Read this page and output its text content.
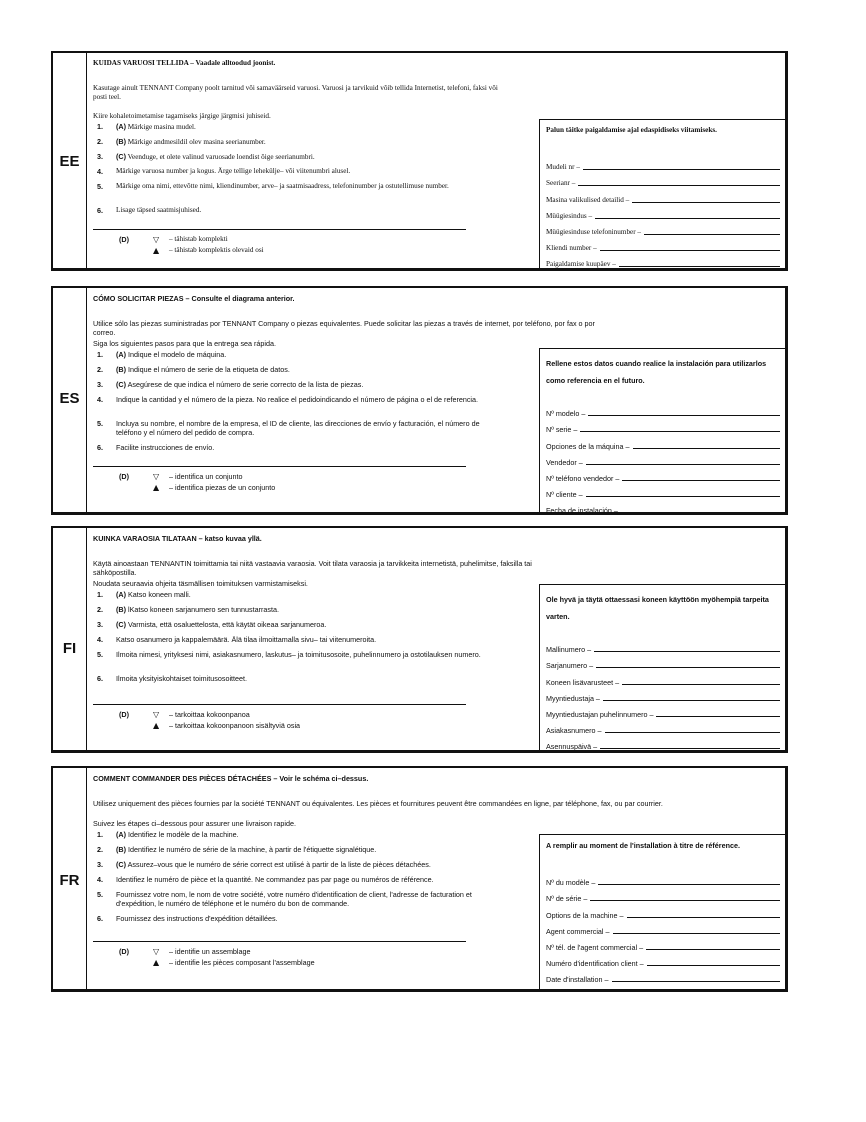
EE
KUIDAS VARUOSI TELLIDA – Vaadale alltoodud joonist.
Kasutage ainult TENNANT Company poolt tarnitud või samaväärseid varuosi. Varuosi ja tarvikuid võib tellida Internetist, telefoni, faksi või posti teel.
Kiire kohaletoimetamise tagamiseks järgige järgmisi juhiseid.
1. (A) Märkige masina mudel.
2. (B) Märkige andmesildil olev masina seerianumber.
3. (C) Veenduge, et olete valinud varuosade loendist õige seerianumbri.
4. Märkige varuosa number ja kogus. Ärge tellige lehekülje– või viitenumbri alusel.
5. Märkige oma nimi, ettevõtte nimi, kliendinumber, arve– ja saatmisaadress, telefoninumber ja ostutellimuse number.
6. Lisage täpsed saatmisjuhised.
(D)	▽	– tähistab komplekti
▲	– tähistab komplektis olevaid osi
Palun täitke paigaldamise ajal edaspidiseks viitamiseks.
Mudeli nr –
Seerianr –
Masina valikulised detailid –
Müügiesindus –
Müügiesinduse telefoninumber –
Kliendi number –
Paigaldamise kuupäev –
ES
CÓMO SOLICITAR PIEZAS – Consulte el diagrama anterior.
Utilice sólo las piezas suministradas por TENNANT Company o piezas equivalentes. Puede solicitar las piezas a través de internet, por teléfono, por fax o por correo.
Siga los siguientes pasos para que la entrega sea rápida.
1. (A) Indique el modelo de máquina.
2. (B) Indique el número de serie de la etiqueta de datos.
3. (C) Asegúrese de que indica el número de serie correcto de la lista de piezas.
4. Indique la cantidad y el número de la pieza. No realice el pedidoindicando el número de página o el de referencia.
5. Incluya su nombre, el nombre de la empresa, el ID de cliente, las direcciones de envío y facturación, el número de teléfono y el número del pedido de compra.
6. Facilite instrucciones de envío.
(D)	▽	– identifica un conjunto
▲	– identifica piezas de un conjunto
Rellene estos datos cuando realice la instalación para utilizarlos como referencia en el futuro.
Nº modelo –
Nº serie –
Opciones de la máquina –
Vendedor –
Nº teléfono vendedor –
Nº cliente –
Fecha de instalación –
FI
KUINKA VARAOSIA TILATAAN – katso kuvaa yllä.
Käytä ainoastaan TENNANTIN toimittamia tai niitä vastaavia varaosia. Voit tilata varaosia ja tarvikkeita internetistä, puhelimitse, faksilla tai sähköpostilla.
Noudata seuraavia ohjeita täsmällisen toimituksen varmistamiseksi.
1. (A) Katso koneen malli.
2. (B) lKatso koneen sarjanumero sen tunnustarrasta.
3. (C) Varmista, että osaluettelosta, että käytät oikeaa sarjanumeroa.
4. Katso osanumero ja kappalemäärä. Älä tilaa ilmoittamalla sivu– tai viitenumeroita.
5. Ilmoita nimesi, yrityksesi nimi, asiakasnumero, laskutus– ja toimitusosoite, puhelinnumero ja ostotilauksen numero.
6. Ilmoita yksityiskohtaiset toimitusosoitteet.
(D)	▽	– tarkoittaa kokoonpanoa
▲	– tarkoittaa kokoonpanoon sisältyviä osia
Ole hyvä ja täytä ottaessasi koneen käyttöön myöhempiä tarpeita varten.
Mallinumero –
Sarjanumero –
Koneen lisävarusteet –
Myyntiedustaja –
Myyntiedustajan puhelinnumero –
Asiakasnumero –
Asennuspäivä –
FR
COMMENT COMMANDER DES PIÈCES DÉTACHÉES – Voir le schéma ci–dessus.
Utilisez uniquement des pièces fournies par la société TENNANT ou équivalentes. Les pièces et fournitures peuvent être commandées en ligne, par téléphone, fax, ou par courrier.
Suivez les étapes ci–dessous pour assurer une livraison rapide.
1. (A) Identifiez le modèle de la machine.
2. (B) Identifiez le numéro de série de la machine, à partir de l'étiquette signalétique.
3. (C) Assurez–vous que le numéro de série correct est utilisé à partir de la liste de pièces détachées.
4. Identifiez le numéro de pièce et la quantité. Ne commandez pas par page ou numéros de référence.
5. Fournissez votre nom, le nom de votre société, votre numéro d'identification de client, l'adresse de facturation et d'expédition, le numéro de téléphone et le numéro du bon de commande.
6. Fournissez des instructions d'expédition détaillées.
(D)	▽	– identifie un assemblage
▲	– identifie les pièces composant l'assemblage
A remplir au moment de l'installation à titre de référence.
Nº du modèle –
Nº de série –
Options de la machine –
Agent commercial –
Nº tél. de l'agent commercial –
Numéro d'identification client –
Date d'installation –
